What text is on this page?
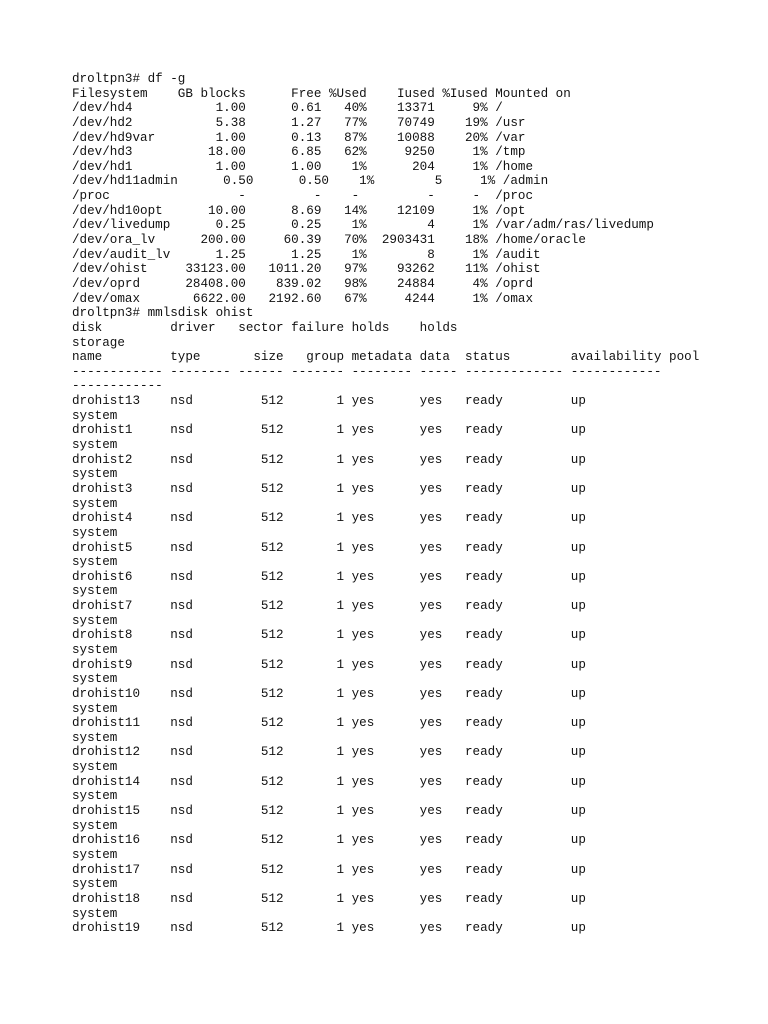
droltpn3# df -g
Filesystem    GB blocks      Free %Used    Iused %Iused Mounted on
/dev/hd4           1.00      0.61   40%    13371     9% /
/dev/hd2           5.38      1.27   77%    70749    19% /usr
/dev/hd9var        1.00      0.13   87%    10088    20% /var
/dev/hd3          18.00      6.85   62%     9250     1% /tmp
/dev/hd1           1.00      1.00    1%      204     1% /home
/dev/hd11admin      0.50      0.50    1%        5     1% /admin
/proc                 -         -    -         -     -  /proc
/dev/hd10opt      10.00      8.69   14%    12109     1% /opt
/dev/livedump      0.25      0.25    1%        4     1% /var/adm/ras/livedump
/dev/ora_lv      200.00     60.39   70%  2903431    18% /home/oracle
/dev/audit_lv      1.25      1.25    1%        8     1% /audit
/dev/ohist     33123.00   1011.20   97%    93262    11% /ohist
/dev/oprd      28408.00    839.02   98%    24884     4% /oprd
/dev/omax       6622.00   2192.60   67%     4244     1% /omax
droltpn3# mmlsdisk ohist
disk         driver   sector failure holds    holds
storage
name         type       size   group metadata data  status        availability pool
------------ -------- ------ ------- -------- ----- ------------- ------------
------------
drohist13    nsd         512       1 yes      yes   ready         up
system
drohist1     nsd         512       1 yes      yes   ready         up
system
drohist2     nsd         512       1 yes      yes   ready         up
system
drohist3     nsd         512       1 yes      yes   ready         up
system
drohist4     nsd         512       1 yes      yes   ready         up
system
drohist5     nsd         512       1 yes      yes   ready         up
system
drohist6     nsd         512       1 yes      yes   ready         up
system
drohist7     nsd         512       1 yes      yes   ready         up
system
drohist8     nsd         512       1 yes      yes   ready         up
system
drohist9     nsd         512       1 yes      yes   ready         up
system
drohist10    nsd         512       1 yes      yes   ready         up
system
drohist11    nsd         512       1 yes      yes   ready         up
system
drohist12    nsd         512       1 yes      yes   ready         up
system
drohist14    nsd         512       1 yes      yes   ready         up
system
drohist15    nsd         512       1 yes      yes   ready         up
system
drohist16    nsd         512       1 yes      yes   ready         up
system
drohist17    nsd         512       1 yes      yes   ready         up
system
drohist18    nsd         512       1 yes      yes   ready         up
system
drohist19    nsd         512       1 yes      yes   ready         up
